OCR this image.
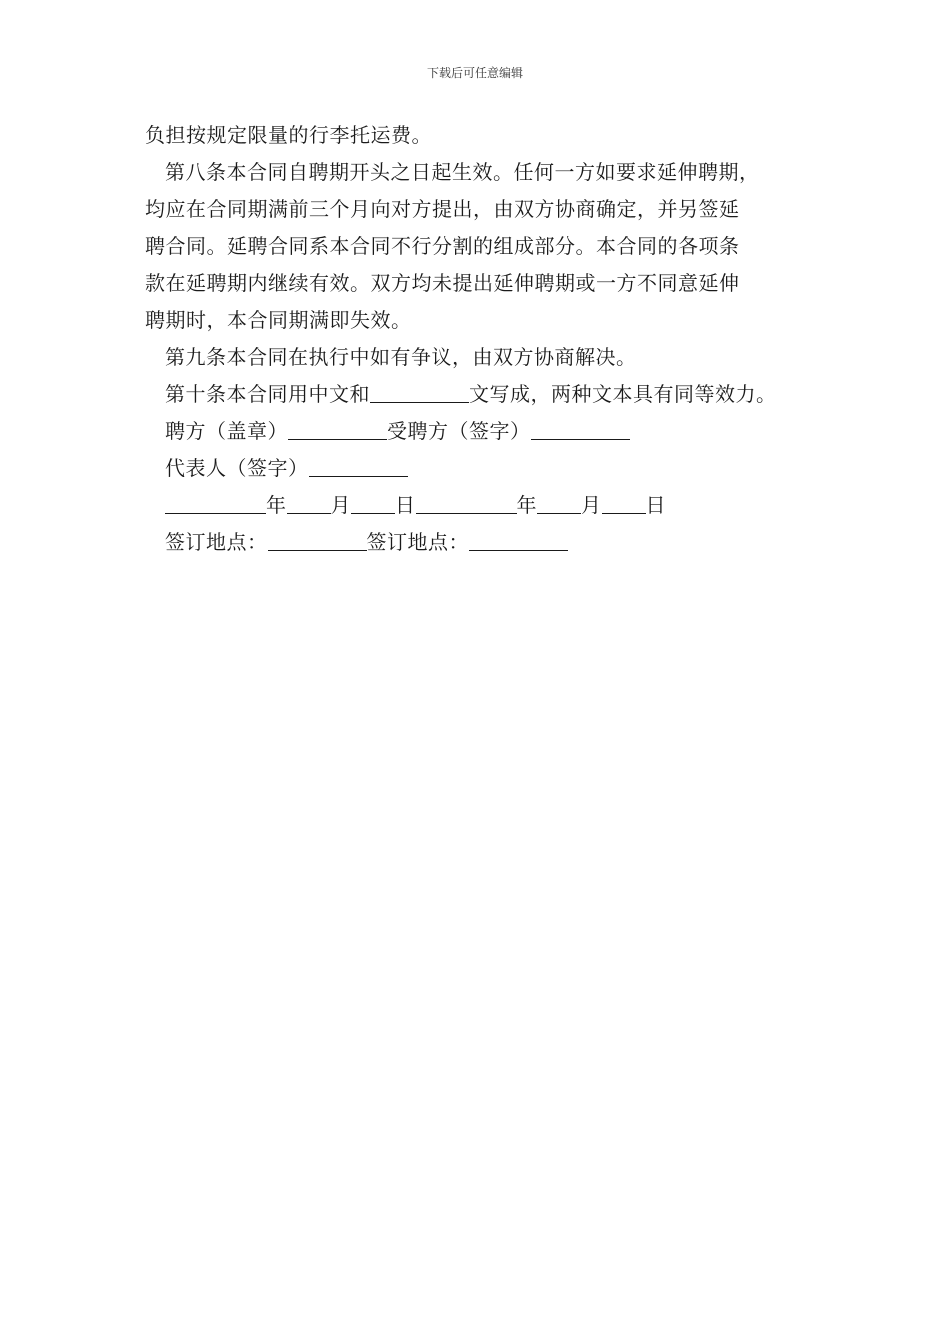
下载后可任意编辑
负担按规定限量的行李托运费。
第八条本合同自聘期开头之日起生效。任何一方如要求延伸聘期，
均应在合同期满前三个月向对方提出，由双方协商确定，并另签延
聘合同。延聘合同系本合同不行分割的组成部分。本合同的各项条
款在延聘期内继续有效。双方均未提出延伸聘期或一方不同意延伸
聘期时，本合同期满即失效。
第九条本合同在执行中如有争议，由双方协商解决。
第十条本合同用中文和	文写成，两种文本具有同等效力。
聘方（盖章）	受聘方（签字）
代表人（签字）
年 月 日	年 月 日
签订地点：	签订地点：
